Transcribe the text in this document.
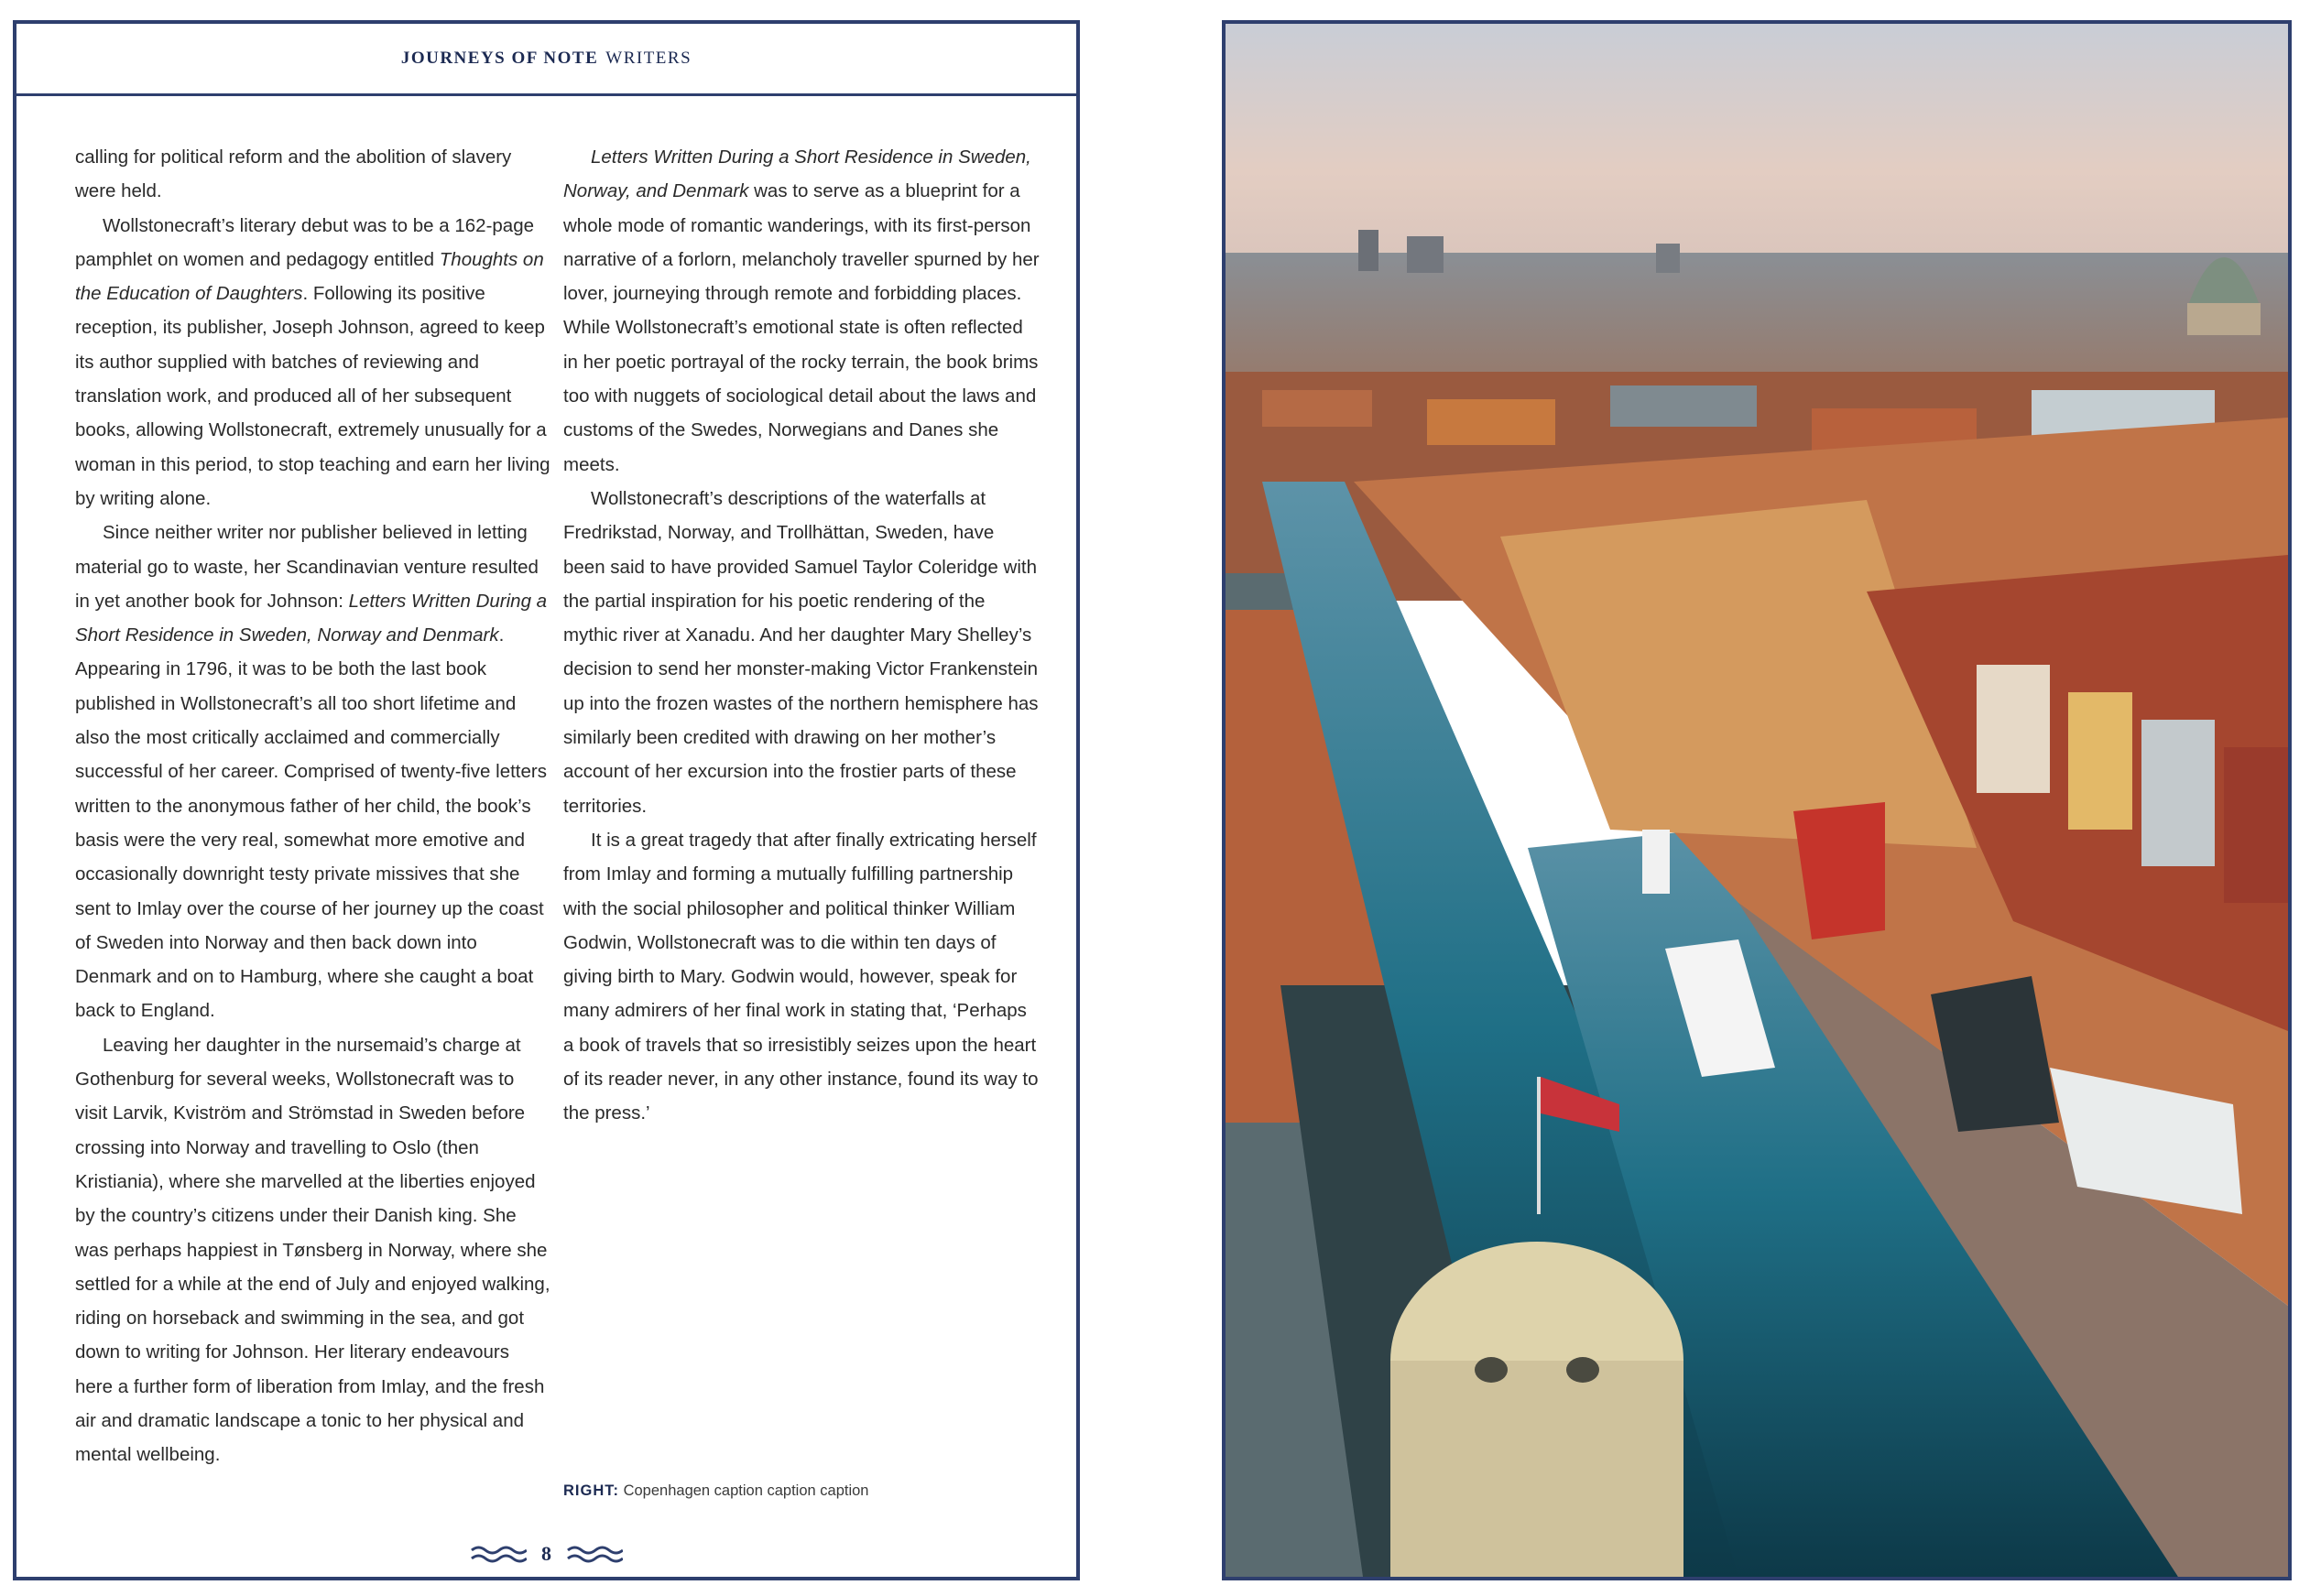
JOURNEYS OF NOTE WRITERS

calling for political reform and the abolition of slavery were held.

Wollstonecraft’s literary debut was to be a 162-page pamphlet on women and pedagogy entitled Thoughts on the Education of Daughters. Following its positive reception, its publisher, Joseph Johnson, agreed to keep its author supplied with batches of reviewing and translation work, and produced all of her subsequent books, allowing Wollstonecraft, extremely unusually for a woman in this period, to stop teaching and earn her living by writing alone.

Since neither writer nor publisher believed in letting material go to waste, her Scandinavian venture resulted in yet another book for Johnson: Letters Written During a Short Residence in Sweden, Norway and Denmark. Appearing in 1796, it was to be both the last book published in Wollstonecraft’s all too short lifetime and also the most critically acclaimed and commercially successful of her career. Comprised of twenty-five letters written to the anonymous father of her child, the book’s basis were the very real, somewhat more emotive and occasionally downright testy private missives that she sent to Imlay over the course of her journey up the coast of Sweden into Norway and then back down into Denmark and on to Hamburg, where she caught a boat back to England.

Leaving her daughter in the nursemaid’s charge at Gothenburg for several weeks, Wollstonecraft was to visit Larvik, Kviström and Strömstad in Sweden before crossing into Norway and travelling to Oslo (then Kristiania), where she marvelled at the liberties enjoyed by the country’s citizens under their Danish king. She was perhaps happiest in Tønsberg in Norway, where she settled for a while at the end of July and enjoyed walking, riding on horseback and swimming in the sea, and got down to writing for Johnson. Her literary endeavours here a further form of liberation from Imlay, and the fresh air and dramatic landscape a tonic to her physical and mental wellbeing.

Letters Written During a Short Residence in Sweden, Norway, and Denmark was to serve as a blueprint for a whole mode of romantic wanderings, with its first-person narrative of a forlorn, melancholy traveller spurned by her lover, journeying through remote and forbidding places. While Wollstonecraft’s emotional state is often reflected in her poetic portrayal of the rocky terrain, the book brims too with nuggets of sociological detail about the laws and customs of the Swedes, Norwegians and Danes she meets.

Wollstonecraft’s descriptions of the waterfalls at Fredrikstad, Norway, and Trollhättan, Sweden, have been said to have provided Samuel Taylor Coleridge with the partial inspiration for his poetic rendering of the mythic river at Xanadu. And her daughter Mary Shelley’s decision to send her monster-making Victor Frankenstein up into the frozen wastes of the northern hemisphere has similarly been credited with drawing on her mother’s account of her excursion into the frostier parts of these territories.

It is a great tragedy that after finally extricating herself from Imlay and forming a mutually fulfilling partnership with the social philosopher and political thinker William Godwin, Wollstonecraft was to die within ten days of giving birth to Mary. Godwin would, however, speak for many admirers of her final work in stating that, ‘Perhaps a book of travels that so irresistibly seizes upon the heart of its reader never, in any other instance, found its way to the press.’

RIGHT: Copenhagen caption caption caption
8
